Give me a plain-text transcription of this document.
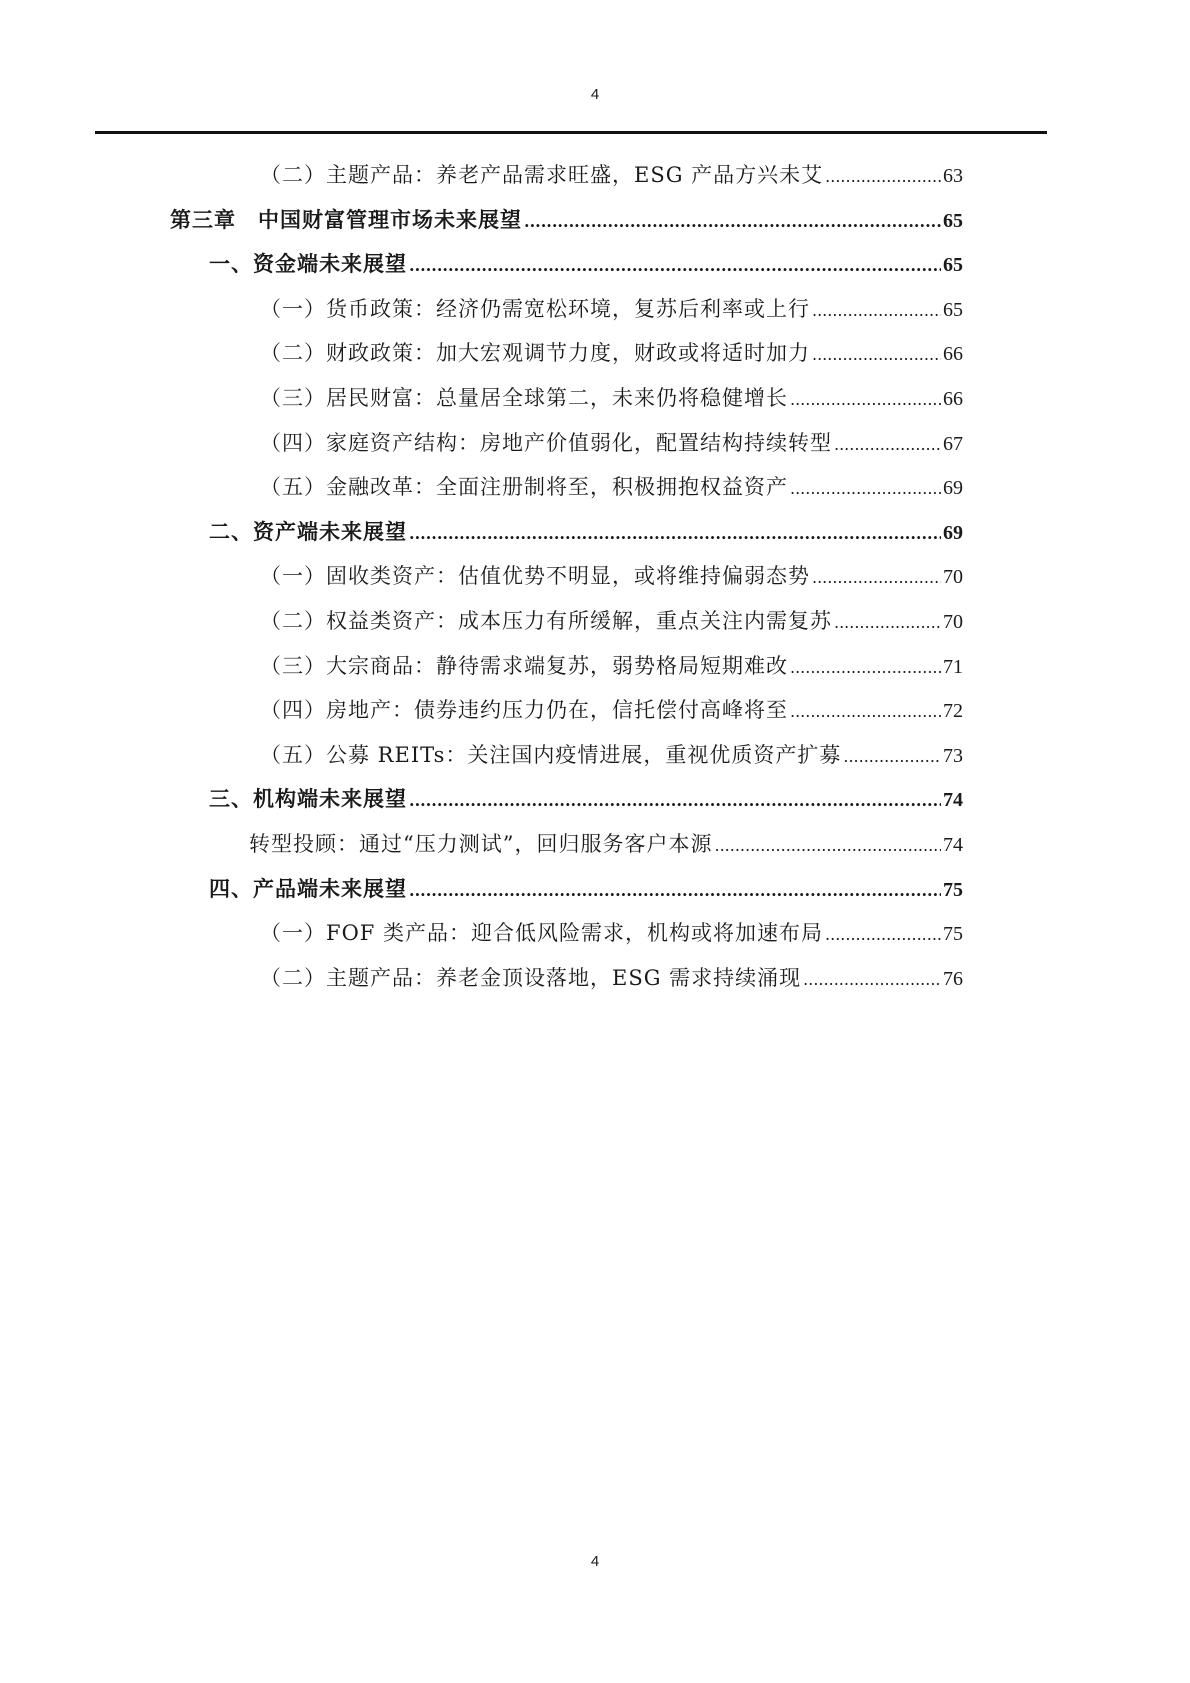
4
（二）主题产品：养老产品需求旺盛，ESG 产品方兴未艾 .....	63
第三章　中国财富管理市场未来展望 .....	65
一、资金端未来展望 .....	65
（一）货币政策：经济仍需宽松环境，复苏后利率或上行 .....	65
（二）财政政策：加大宏观调节力度，财政或将适时加力 .....	66
（三）居民财富：总量居全球第二，未来仍将稳健增长 .....	66
（四）家庭资产结构：房地产价值弱化，配置结构持续转型 .....	67
（五）金融改革：全面注册制将至，积极拥抱权益资产 .....	69
二、资产端未来展望 .....	69
（一）固收类资产：估值优势不明显，或将维持偏弱态势 .....	70
（二）权益类资产：成本压力有所缓解，重点关注内需复苏 .....	70
（三）大宗商品：静待需求端复苏，弱势格局短期难改 .....	71
（四）房地产：债券违约压力仍在，信托偿付高峰将至 .....	72
（五）公募 REITs：关注国内疫情进展，重视优质资产扩募 .....	73
三、机构端未来展望 .....	74
转型投顾：通过“压力测试”，回归服务客户本源 .....	74
四、产品端未来展望 .....	75
（一）FOF 类产品：迎合低风险需求，机构或将加速布局 .....	75
（二）主题产品：养老金顶设落地，ESG 需求持续涌现 .....	76
4
